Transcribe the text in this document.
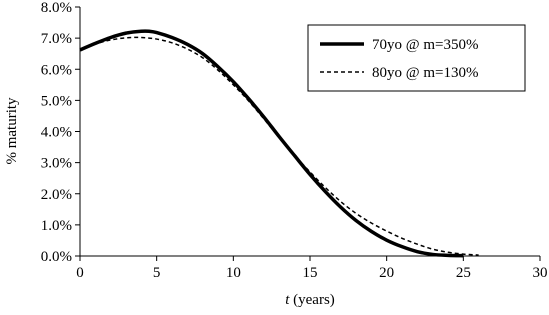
0.0%
1.0%
2.0%
3.0%
4.0%
5.0%
6.0%
7.0%
8.0%
0	5	10	15	20	25	30
% maturity
t (years)
70yo @ m=350%
80yo @ m=130%
